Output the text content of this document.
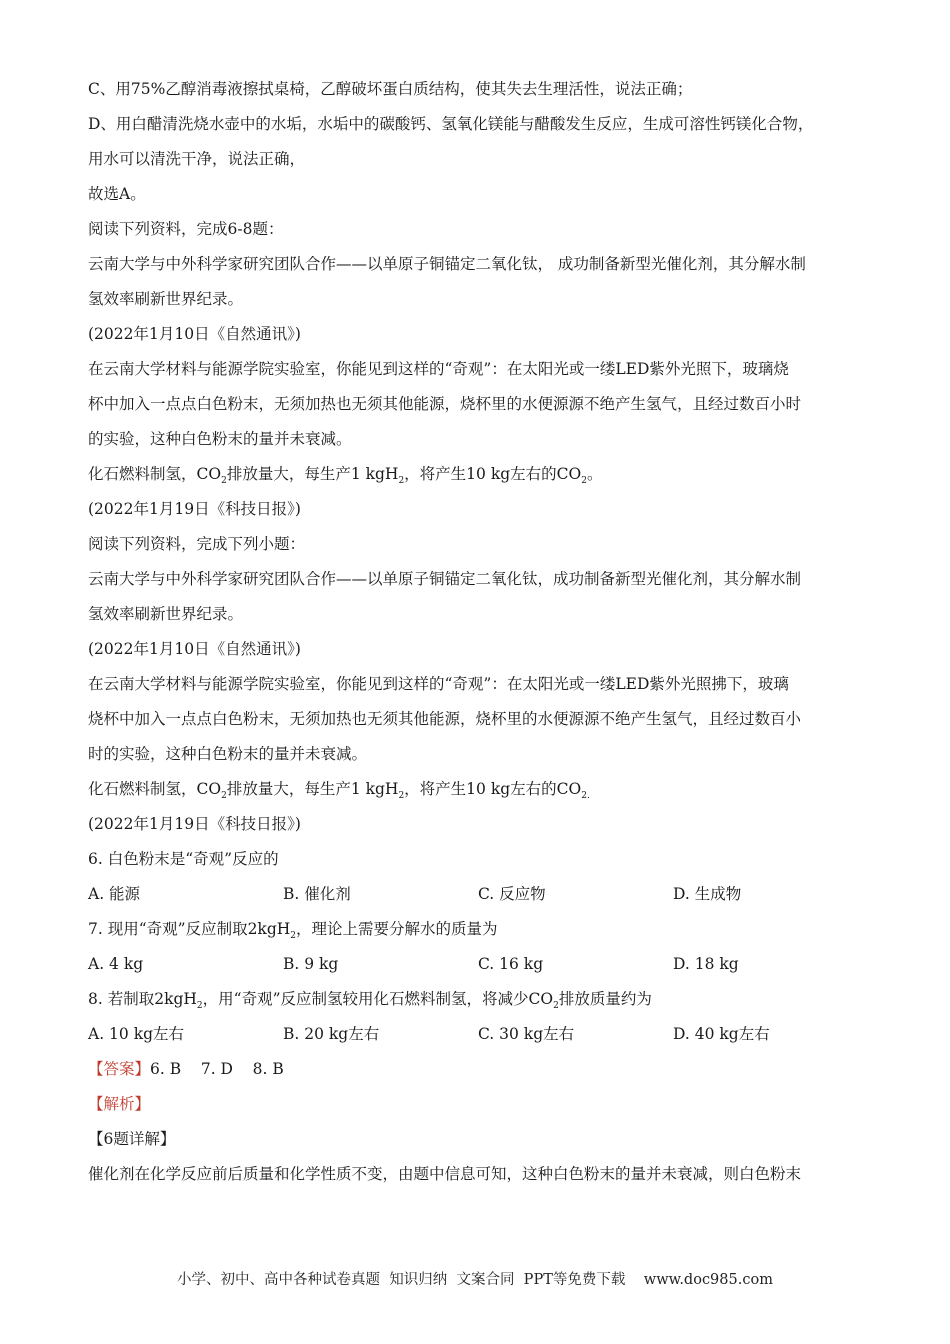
C、用75%乙醇消毒液擦拭桌椅，乙醇破坏蛋白质结构，使其失去生理活性，说法正确；
D、用白醋清洗烧水壶中的水垢，水垢中的碳酸钙、氢氧化镁能与醋酸发生反应，生成可溶性钙镁化合物，
用水可以清洗干净，说法正确，
故选A。
阅读下列资料，完成6-8题：
云南大学与中外科学家研究团队合作——以单原子铜锚定二氧化钛， 成功制备新型光催化剂，其分解水制
氢效率刷新世界纪录。
(2022年1月10日《自然通讯》)
在云南大学材料与能源学院实验室，你能见到这样的“奇观”：在太阳光或一缕LED紫外光照下，玻璃烧
杯中加入一点点白色粉末，无须加热也无须其他能源，烧杯里的水便源源不绝产生氢气，且经过数百小时
的实验，这种白色粉末的量并未衰减。
化石燃料制氢，$CO_2$排放量大，每生产1 kgH$_2$，将产生10 kg左右的$CO_2$。
(2022年1月19日《科技日报》)
阅读下列资料，完成下列小题：
云南大学与中外科学家研究团队合作——以单原子铜锚定二氧化钛，成功制备新型光催化剂，其分解水制
氢效率刷新世界纪录。
(2022年1月10日《自然通讯》)
在云南大学材料与能源学院实验室，你能见到这样的“奇观”：在太阳光或一缕LED紫外光照拂下，玻璃
烧杯中加入一点点白色粉末，无须加热也无须其他能源，烧杯里的水便源源不绝产生氢气，且经过数百小
时的实验，这种白色粉末的量并未衰减。
化石燃料制氢，$CO_2$排放量大，每生产1 kgH$_2$，将产生10 kg左右的$CO_{2.}$
(2022年1月19日《科技日报》)
6. 白色粉末是“奇观”反应的
A. 能源	B. 催化剂	C. 反应物	D. 生成物
7. 现用“奇观”反应制取2kgH$_2$，理论上需要分解水的质量为
A. 4 kg	B. 9 kg	C. 16 kg	D. 18 kg
8. 若制取2kgH$_2$，用“奇观”反应制氢较用化石燃料制氢，将减少$CO_2$排放质量约为
A. 10 kg左右	B. 20 kg左右	C. 30 kg左右	D. 40 kg左右
【答案】6. B    7. D    8. B
【解析】
【6题详解】
催化剂在化学反应前后质量和化学性质不变，由题中信息可知，这种白色粉末的量并未衰减，则白色粉末
小学、初中、高中各种试卷真题  知识归纳  文案合同  PPT等免费下载    www.doc985.com
